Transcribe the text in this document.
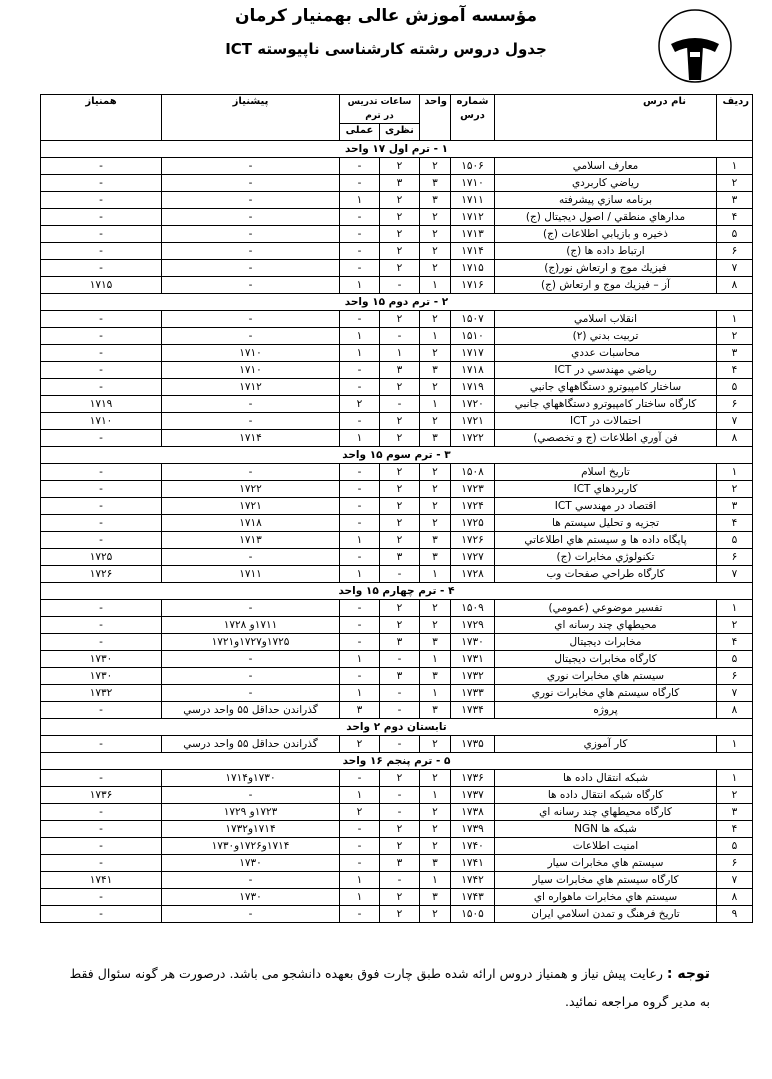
مؤسسه آموزش عالی بهمنیار کرمان
جدول دروس رشته کارشناسی ناپیوسته ICT
ردیف	نام درس	شماره درس	واحد	ساعات تدریس در ترم		پیشنیاز	همنیاز
				نظری	عملی		
۱ - ترم اول ۱۷ واحد							
۱	معارف اسلامي	۱۵۰۶	۲	۲	-	-	-
۲	رياضي كاربردي	۱۷۱۰	۳	۳	-	-	-
۳	برنامه سازي پيشرفته	۱۷۱۱	۳	۲	۱	-	-
۴	مدارهاي منطقي / اصول ديجيتال (ج)	۱۷۱۲	۲	۲	-	-	-
۵	ذخيره و بازيابي اطلاعات (ج)	۱۷۱۳	۲	۲	-	-	-
۶	ارتباط داده ها (ج)	۱۷۱۴	۲	۲	-	-	-
۷	فيزيك موج و ارتعاش نور(ج)	۱۷۱۵	۲	۲	-	-	-
۸	آز – فيزيك موج و ارتعاش (ج)	۱۷۱۶	۱	-	۱	-	۱۷۱۵
۲ - ترم دوم ۱۵ واحد							
۱	انقلاب اسلامي	۱۵۰۷	۲	۲	-	-	-
۲	تربيت بدني (۲)	۱۵۱۰	۱	-	۱	-	-
۳	محاسبات عددي	۱۷۱۷	۲	۱	۱	۱۷۱۰	-
۴	رياضي مهندسي در ICT	۱۷۱۸	۳	۳	-	۱۷۱۰	-
۵	ساختار كامپيوترو دستگاههاي جانبي	۱۷۱۹	۲	۲	-	۱۷۱۲	-
۶	كارگاه ساختار كامپيوترو دستگاههاي جانبي	۱۷۲۰	۱	-	۲	-	۱۷۱۹
۷	احتمالات در ICT	۱۷۲۱	۲	۲	-	-	۱۷۱۰
۸	فن آوري اطلاعات (ج و تخصصي)	۱۷۲۲	۳	۲	۱	۱۷۱۴	-
۳ - ترم سوم ۱۵ واحد							
۱	تاريخ اسلام	۱۵۰۸	۲	۲	-	-	-
۲	كاربردهاي ICT	۱۷۲۳	۲	۲	-	۱۷۲۲	-
۳	اقتصاد در مهندسي ICT	۱۷۲۴	۲	۲	-	۱۷۲۱	-
۴	تجزيه و تحليل سيستم ها	۱۷۲۵	۲	۲	-	۱۷۱۸	-
۵	پايگاه داده ها و سيستم هاي اطلاعاتي	۱۷۲۶	۳	۲	۱	۱۷۱۳	-
۶	تكنولوژي مخابرات (ج)	۱۷۲۷	۳	۳	-	-	۱۷۲۵
۷	كارگاه طراحي صفحات وب	۱۷۲۸	۱	-	۱	۱۷۱۱	۱۷۲۶
۴ - ترم چهارم ۱۵ واحد							
۱	تفسير موضوعي (عمومي)	۱۵۰۹	۲	۲	-	-	-
۲	محيطهاي چند رسانه اي	۱۷۲۹	۲	۲	-	۱۷۱۱و ۱۷۲۸	-
۴	مخابرات ديجيتال	۱۷۳۰	۳	۳	-	۱۷۲۵و۱۷۲۷و۱۷۲۱	-
۵	كارگاه مخابرات ديجيتال	۱۷۳۱	۱	-	۱	-	۱۷۳۰
۶	سيستم هاي مخابرات نوري	۱۷۳۲	۳	۳	-	-	۱۷۳۰
۷	كارگاه سيستم هاي مخابرات نوري	۱۷۳۳	۱	-	۱	-	۱۷۳۲
۸	پروژه	۱۷۳۴	۳	-	۳	گذراندن حداقل ۵۵ واحد درسي	-
تابستان دوم ۲ واحد							
۱	كار آموزي	۱۷۳۵	۲	-	۲	گذراندن حداقل ۵۵ واحد درسي	-
۵ - ترم پنجم ۱۶ واحد							
۱	شبكه انتقال داده ها	۱۷۳۶	۲	۲	-	۱۷۳۰و۱۷۱۴	-
۲	كارگاه شبكه انتقال داده ها	۱۷۳۷	۱	-	۱	-	۱۷۳۶
۳	كارگاه محيطهاي چند رسانه اي	۱۷۳۸	۲	-	۲	۱۷۲۳و ۱۷۲۹	-
۴	شبكه ها NGN	۱۷۳۹	۲	۲	-	۱۷۱۴و۱۷۳۲	-
۵	امنيت اطلاعات	۱۷۴۰	۲	۲	-	۱۷۱۴و۱۷۲۶و۱۷۳۰	-
۶	سيستم هاي مخابرات سيار	۱۷۴۱	۳	۳	-	۱۷۳۰	-
۷	كارگاه سيستم هاي مخابرات سيار	۱۷۴۲	۱	-	۱	-	۱۷۴۱
۸	سيستم هاي مخابرات ماهواره اي	۱۷۴۳	۳	۲	۱	۱۷۳۰	-
۹	تاريخ فرهنگ و تمدن اسلامي ايران	۱۵۰۵	۲	۲	-	-	-
توجه : رعایت پیش نیاز و همنیاز دروس ارائه شده طبق چارت فوق بعهده دانشجو می باشد. درصورت هر گونه سئوال فقط به مدیر گروه مراجعه نمائید.
